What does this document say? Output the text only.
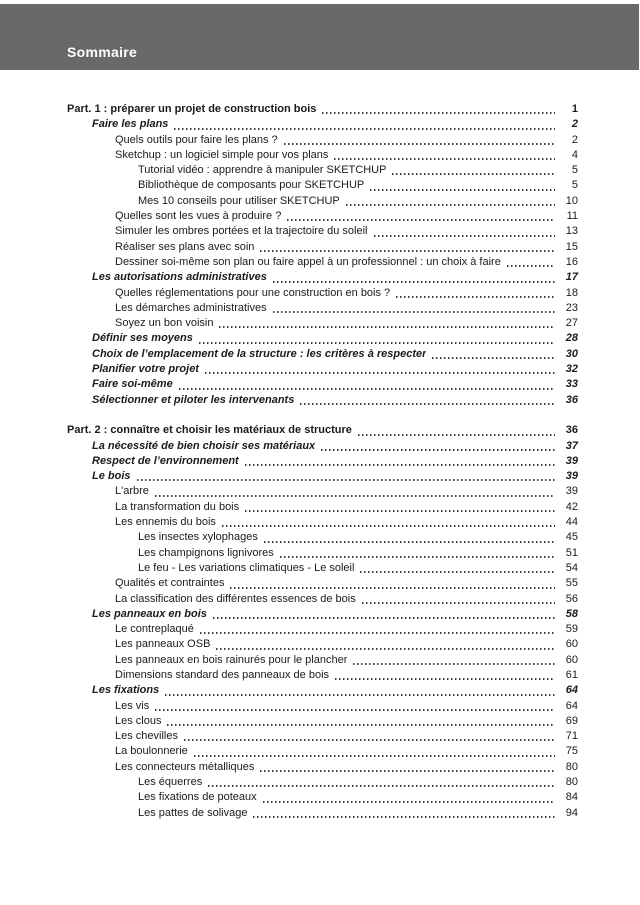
Sommaire
Part. 1 : préparer un projet de construction bois	1
Faire les plans	2
Quels outils pour faire les plans ?	2
Sketchup : un logiciel simple pour vos plans	4
Tutorial vidéo : apprendre à manipuler SKETCHUP	5
Bibliothèque de composants pour SKETCHUP	5
Mes 10 conseils pour utiliser SKETCHUP	10
Quelles sont les vues à produire ?	11
Simuler les ombres portées et la trajectoire du soleil	13
Réaliser ses plans avec soin	15
Dessiner soi-même son plan ou faire appel à un professionnel : un choix à faire	16
Les autorisations administratives	17
Quelles réglementations pour une construction en bois ?	18
Les démarches administratives	23
Soyez un bon voisin	27
Définir ses moyens	28
Choix de l’emplacement de la structure : les critères à respecter	30
Planifier votre projet	32
Faire soi-même	33
Sélectionner et piloter les intervenants	36
Part. 2 : connaître et choisir les matériaux de structure	36
La nécessité de bien choisir ses matériaux	37
Respect de l’environnement	39
Le bois	39
L'arbre	39
La transformation du bois	42
Les ennemis du bois	44
Les insectes xylophages	45
Les champignons lignivores	51
Le feu - Les variations climatiques - Le soleil	54
Qualités et contraintes	55
La classification des différentes essences de bois	56
Les panneaux en bois	58
Le contreplaqué	59
Les panneaux OSB	60
Les panneaux en bois rainurés pour le plancher	60
Dimensions standard des panneaux de bois	61
Les fixations	64
Les vis	64
Les clous	69
Les chevilles	71
La boulonnerie	75
Les connecteurs métalliques	80
Les équerres	80
Les fixations de poteaux	84
Les pattes de solivage	94
